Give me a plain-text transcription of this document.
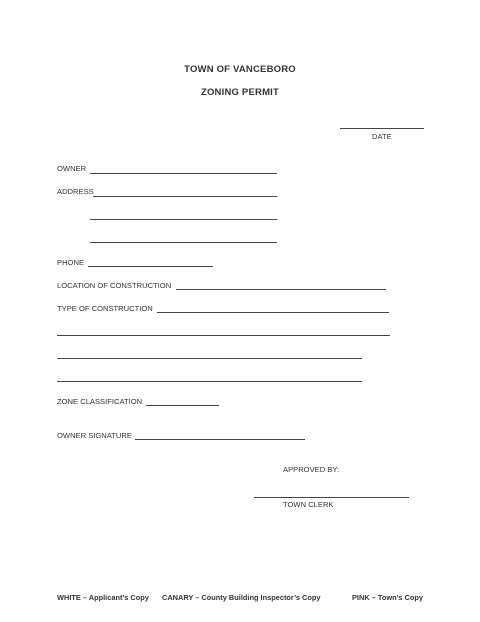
TOWN OF VANCEBORO
ZONING PERMIT
DATE
OWNER
ADDRESS
PHONE
LOCATION OF CONSTRUCTION
TYPE OF CONSTRUCTION
ZONE CLASSIFICATION
OWNER SIGNATURE
APPROVED BY:
TOWN CLERK
WHITE – Applicant’s Copy CANARY – County Building Inspector’s Copy	PINK – Town’s Copy
